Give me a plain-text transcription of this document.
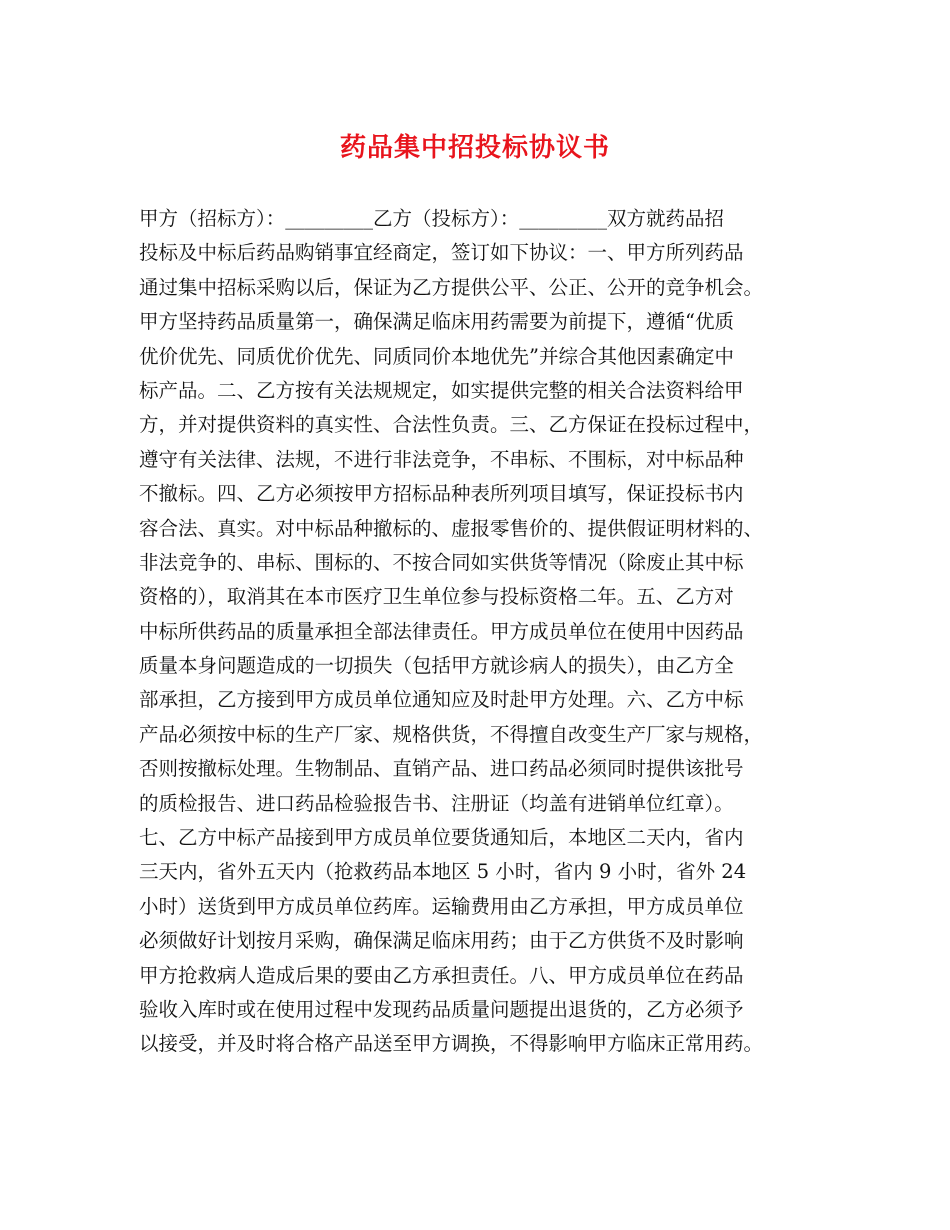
药品集中招投标协议书
甲方（招标方）：_________乙方（投标方）：_________双方就药品招
投标及中标后药品购销事宜经商定，签订如下协议：一、甲方所列药品
通过集中招标采购以后，保证为乙方提供公平、公正、公开的竞争机会。
甲方坚持药品质量第一，确保满足临床用药需要为前提下，遵循“优质
优价优先、同质优价优先、同质同价本地优先”并综合其他因素确定中
标产品。二、乙方按有关法规规定，如实提供完整的相关合法资料给甲
方，并对提供资料的真实性、合法性负责。三、乙方保证在投标过程中，
遵守有关法律、法规，不进行非法竞争，不串标、不围标，对中标品种
不撤标。四、乙方必须按甲方招标品种表所列项目填写，保证投标书内
容合法、真实。对中标品种撤标的、虚报零售价的、提供假证明材料的、
非法竞争的、串标、围标的、不按合同如实供货等情况（除废止其中标
资格的），取消其在本市医疗卫生单位参与投标资格二年。五、乙方对
中标所供药品的质量承担全部法律责任。甲方成员单位在使用中因药品
质量本身问题造成的一切损失（包括甲方就诊病人的损失），由乙方全
部承担，乙方接到甲方成员单位通知应及时赴甲方处理。六、乙方中标
产品必须按中标的生产厂家、规格供货，不得擅自改变生产厂家与规格，
否则按撤标处理。生物制品、直销产品、进口药品必须同时提供该批号
的质检报告、进口药品检验报告书、注册证（均盖有进销单位红章）。
七、乙方中标产品接到甲方成员单位要货通知后，本地区二天内，省内
三天内，省外五天内（抢救药品本地区 5 小时，省内 9 小时，省外 24
小时）送货到甲方成员单位药库。运输费用由乙方承担，甲方成员单位
必须做好计划按月采购，确保满足临床用药；由于乙方供货不及时影响
甲方抢救病人造成后果的要由乙方承担责任。八、甲方成员单位在药品
验收入库时或在使用过程中发现药品质量问题提出退货的，乙方必须予
以接受，并及时将合格产品送至甲方调换，不得影响甲方临床正常用药。
